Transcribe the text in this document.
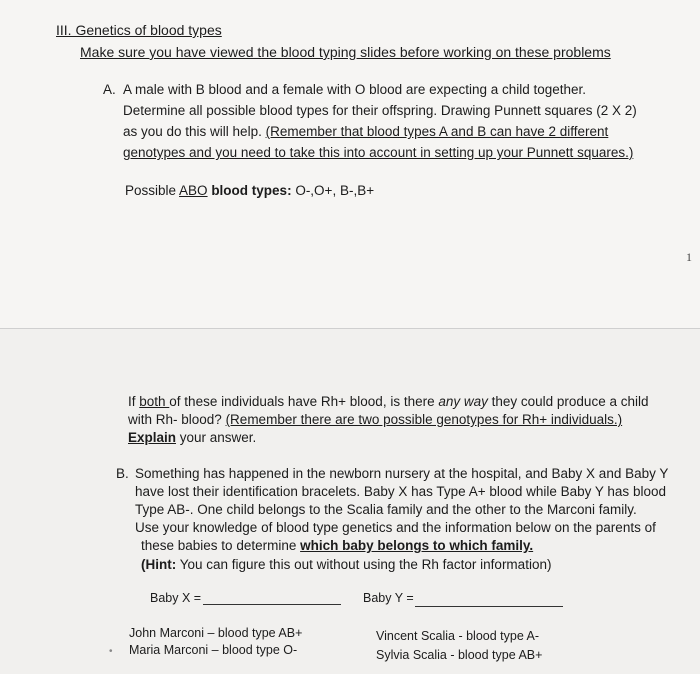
III. Genetics of blood types
Make sure you have viewed the blood typing slides before working on these problems
A. A male with B blood and a female with O blood are expecting a child together.
Determine all possible blood types for their offspring. Drawing Punnett squares (2 X 2)
as you do this will help. (Remember that blood types A and B can have 2 different
genotypes and you need to take this into account in setting up your Punnett squares.)
Possible ABO blood types: O-,O+, B-,B+
1
If both of these individuals have Rh+ blood, is there any way they could produce a child
with Rh- blood? (Remember there are two possible genotypes for Rh+ individuals.)
Explain your answer.
B. Something has happened in the newborn nursery at the hospital, and Baby X and Baby Y
have lost their identification bracelets. Baby X has Type A+ blood while Baby Y has blood
Type AB-. One child belongs to the Scalia family and the other to the Marconi family.
Use your knowledge of blood type genetics and the information below on the parents of
these babies to determine which baby belongs to which family.
(Hint: You can figure this out without using the Rh factor information)
Baby X =	Baby Y =
John Marconi – blood type AB+
Maria Marconi – blood type O-
Vincent Scalia - blood type A-
Sylvia Scalia - blood type AB+
•
